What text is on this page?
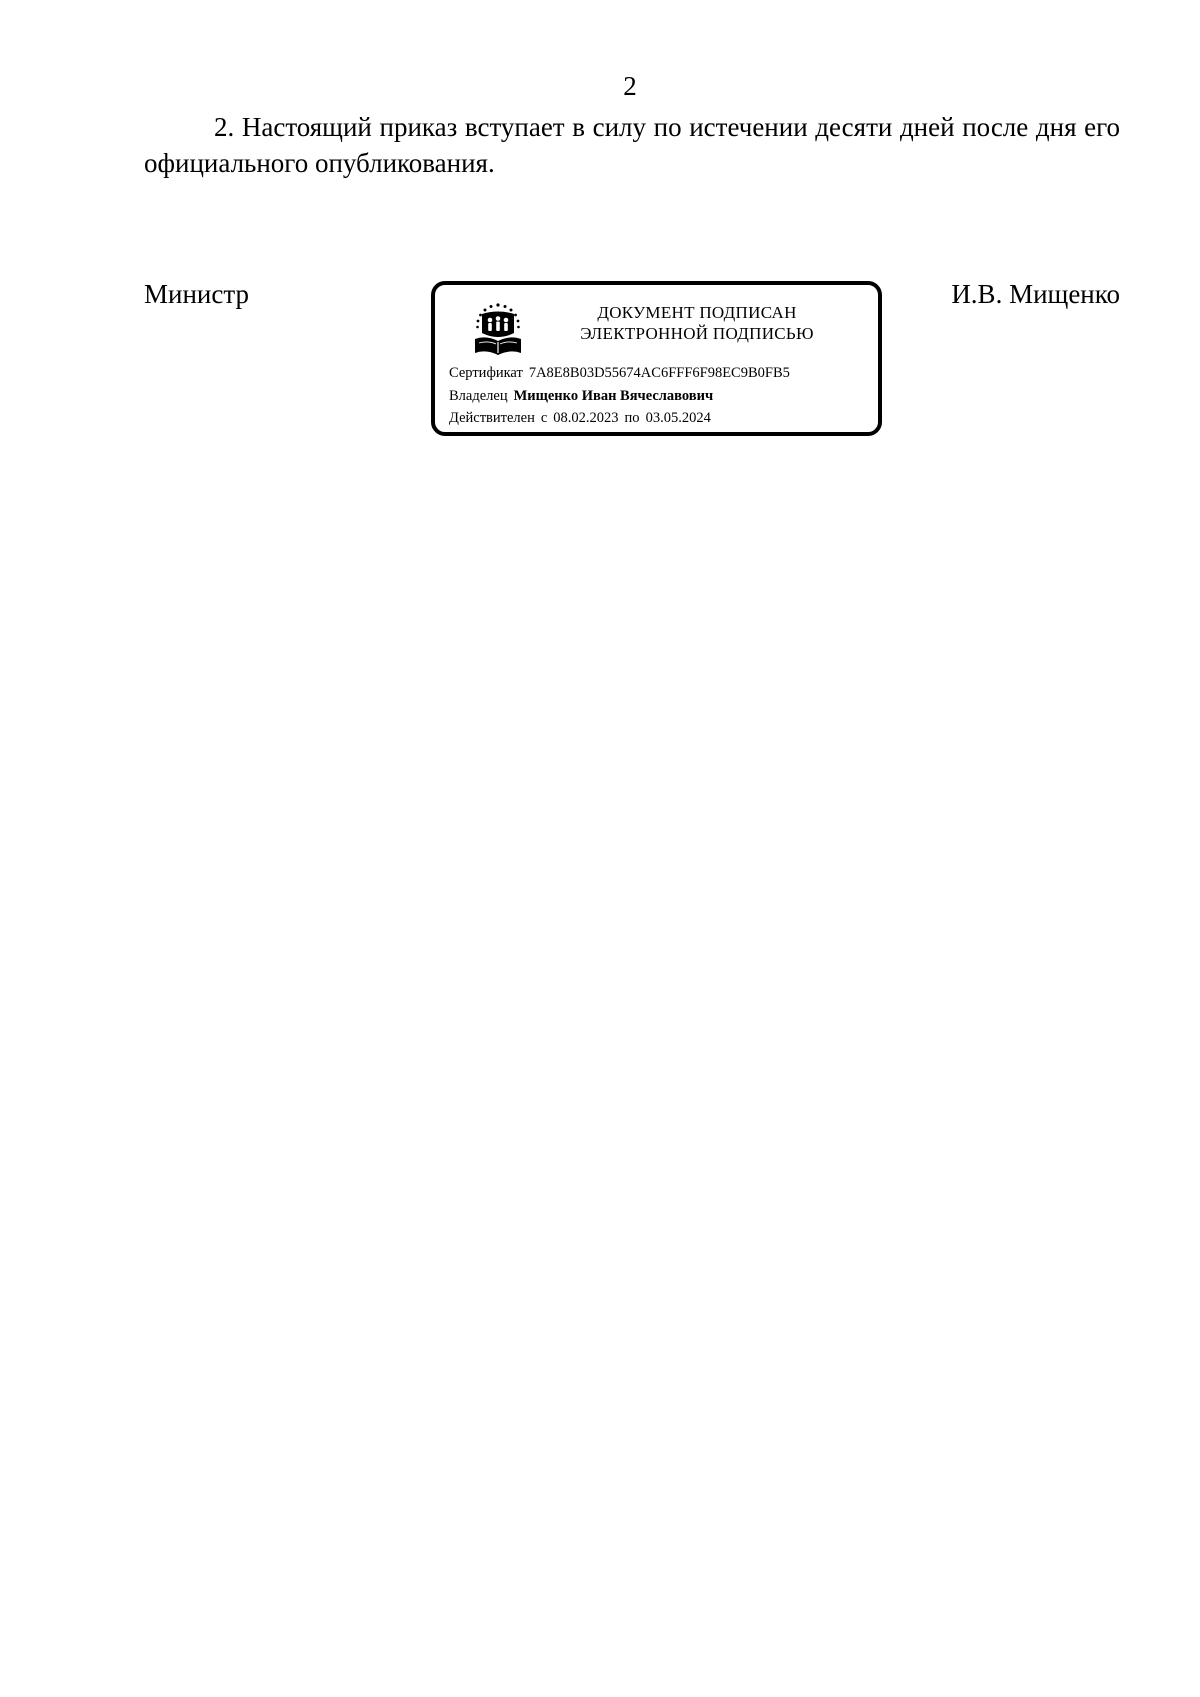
2
2. Настоящий приказ вступает в силу по истечении десяти дней после дня его официального опубликования.
Министр	И.В. Мищенко
ДОКУМЕНТ ПОДПИСАН
ЭЛЕКТРОННОЙ ПОДПИСЬЮ
Сертификат 7A8E8B03D55674AC6FFF6F98EC9B0FB5
Владелец Мищенко Иван Вячеславович
Действителен с 08.02.2023 по 03.05.2024
